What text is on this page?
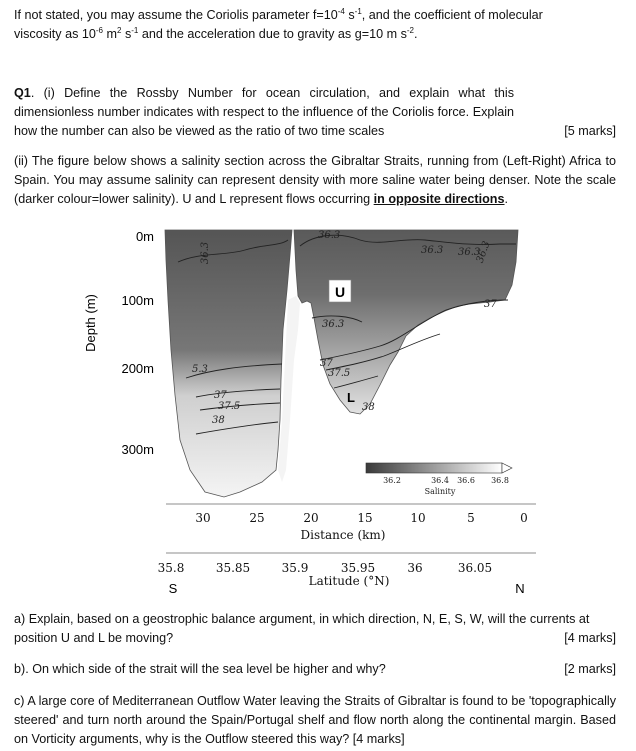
If not stated, you may assume the Coriolis parameter $f=10^{-4}$ $s^{-1}$, and the coefficient of molecular
viscosity as $10^{-6}$ $m^2$ $s^{-1}$ and the acceleration due to gravity as g=10 m $s^{-2}$.
Q1. (i) Define the Rossby Number for ocean circulation, and explain what this dimensionless number indicates with respect to the influence of the Coriolis force. Explain how the number can also be viewed as the ratio of two time scales	[5 marks]
(ii) The figure below shows a salinity section across the Gibraltar Straits, running from (Left-Right) Africa to Spain. You may assume salinity can represent density with more saline water being denser. Note the scale (darker colour=lower salinity). U and L represent flows occurring in opposite directions.
Depth (m)
0m
100m
200m
300m
36.3
36.3
36.3	36.3
36.3
37
5.3
37
37.5
38
37
37.5
38
36.3
U
L
36.2	36.4 36.6 36.8
Salinity
30	25	20	15	10	5	0
Distance (km)
35.8	35.85	35.9	35.95	36	36.05
Latitude (°N)
S	N
a) Explain, based on a geostrophic balance argument, in which direction, N, E, S, W, will the currents at position U and L be moving?	[4 marks]
b). On which side of the strait will the sea level be higher and why?	[2 marks]
c) A large core of Mediterranean Outflow Water leaving the Straits of Gibraltar is found to be 'topographically steered' and turn north around the Spain/Portugal shelf and flow north along the continental margin. Based on Vorticity arguments, why is the Outflow steered this way? [4 marks]
